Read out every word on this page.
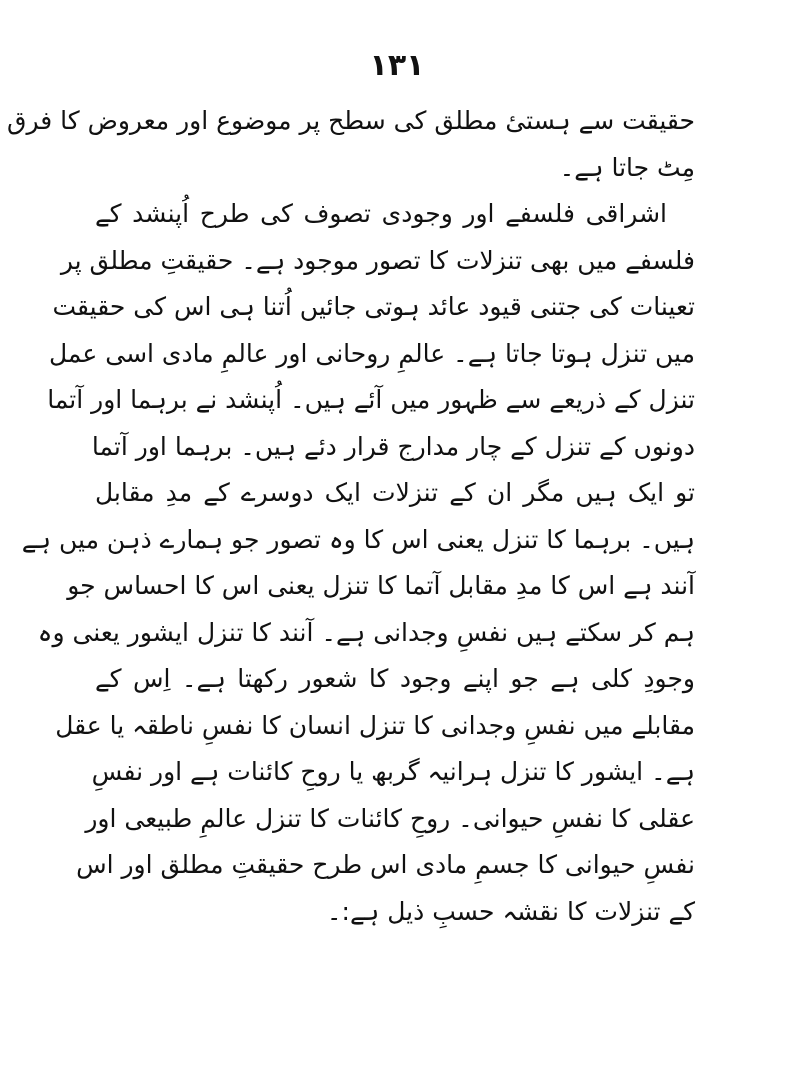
۱۳۱
حقیقت سے ہستیٔ مطلق کی سطح پر موضوع اور معروض کا فرق
مِٹ جاتا ہے۔
اشراقی فلسفے اور وجودی تصوف کی طرح اُپنشد کے
فلسفے میں بھی تنزلات کا تصور موجود ہے۔ حقیقتِ مطلق پر
تعینات کی جتنی قیود عائد ہوتی جائیں اُتنا ہی اس کی حقیقت
میں تنزل ہوتا جاتا ہے۔ عالمِ روحانی اور عالمِ مادی اسی عمل
تنزل کے ذریعے سے ظہور میں آئے ہیں۔ اُپنشد نے برہما اور آتما
دونوں کے تنزل کے چار مدارج قرار دئے ہیں۔ برہما اور آتما
تو ایک ہیں مگر ان کے تنزلات ایک دوسرے کے مدِ مقابل
ہیں۔ برہما کا تنزل یعنی اس کا وہ تصور جو ہمارے ذہن میں ہے
آنند ہے اس کا مدِ مقابل آتما کا تنزل یعنی اس کا احساس جو
ہم کر سکتے ہیں نفسِ وجدانی ہے۔ آنند کا تنزل ایشور یعنی وہ
وجودِ کلی ہے جو اپنے وجود کا شعور رکھتا ہے۔ اِس کے
مقابلے میں نفسِ وجدانی کا تنزل انسان کا نفسِ ناطقہ یا عقل
ہے۔ ایشور کا تنزل ہرانیہ گربھ یا روحِ کائنات ہے اور نفسِ
عقلی کا نفسِ حیوانی۔ روحِ کائنات کا تنزل عالمِ طبیعی اور
نفسِ حیوانی کا جسمِ مادی اس طرح حقیقتِ مطلق اور اس
کے تنزلات کا نقشہ حسبِ ذیل ہے:۔
